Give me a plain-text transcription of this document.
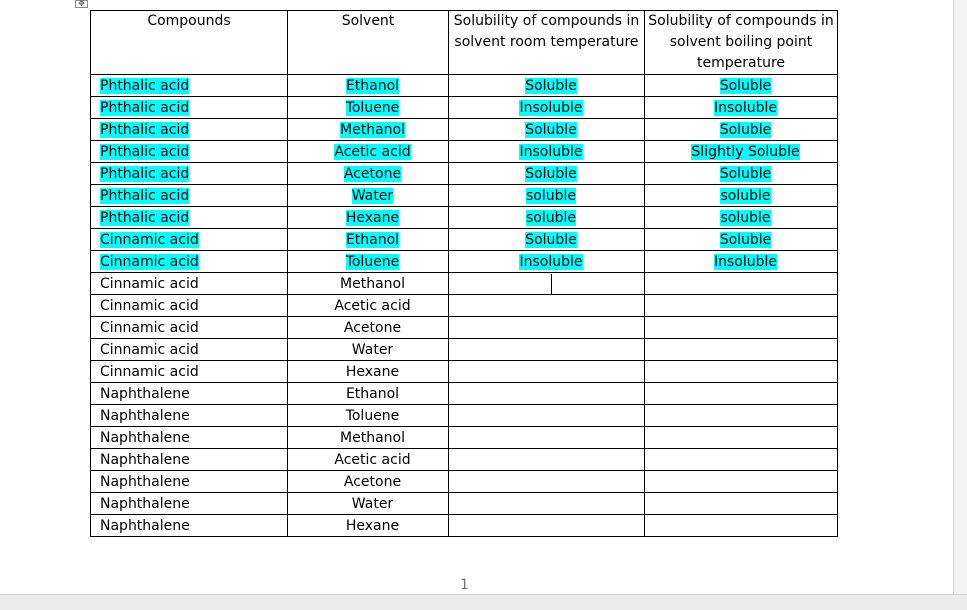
✥
Compounds	Solvent	Solubility of compounds in solvent room temperature	Solubility of compounds in solvent boiling point temperature
Phthalic acid	Ethanol	Soluble	Soluble
Phthalic acid	Toluene	Insoluble	Insoluble
Phthalic acid	Methanol	Soluble	Soluble
Phthalic acid	Acetic acid	Insoluble	Slightly Soluble
Phthalic acid	Acetone	Soluble	Soluble
Phthalic acid	Water	soluble	soluble
Phthalic acid	Hexane	soluble	soluble
Cinnamic acid	Ethanol	Soluble	Soluble
Cinnamic acid	Toluene	Insoluble	Insoluble
Cinnamic acid	Methanol		
Cinnamic acid	Acetic acid		
Cinnamic acid	Acetone		
Cinnamic acid	Water		
Cinnamic acid	Hexane		
Naphthalene	Ethanol		
Naphthalene	Toluene		
Naphthalene	Methanol		
Naphthalene	Acetic acid		
Naphthalene	Acetone		
Naphthalene	Water		
Naphthalene	Hexane		
1
